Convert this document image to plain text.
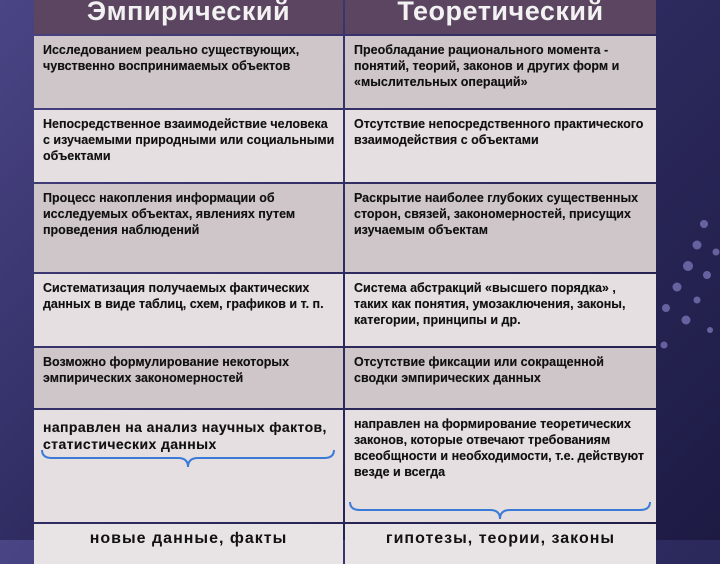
Эмпирический	Теоретический
Исследованием реально существующих, чувственно воспринимаемых объектов
Преобладание рационального момента - понятий, теорий, законов и других форм и «мыслительных операций»
Непосредственное взаимодействие человека с изучаемыми природными или социальными объектами
Отсутствие непосредственного практического взаимодействия с объектами
Процесс накопления информации об исследуемых объектах, явлениях путем проведения наблюдений
Раскрытие наиболее глубоких существенных сторон, связей, закономерностей, присущих изучаемым объектам
Систематизация получаемых фактических данных в виде таблиц, схем, графиков и т. п.
Система абстракций «высшего порядка» , таких как понятия, умозаключения, законы, категории, принципы и др.
Возможно формулирование некоторых эмпирических закономерностей
Отсутствие фиксации или сокращенной сводки эмпирических данных
направлен на анализ научных фактов, статистических данных
направлен на формирование теоретических законов, которые отвечают требованиям всеобщности и необходимости, т.е. действуют везде и всегда
новые данные, факты	гипотезы, теории, законы
